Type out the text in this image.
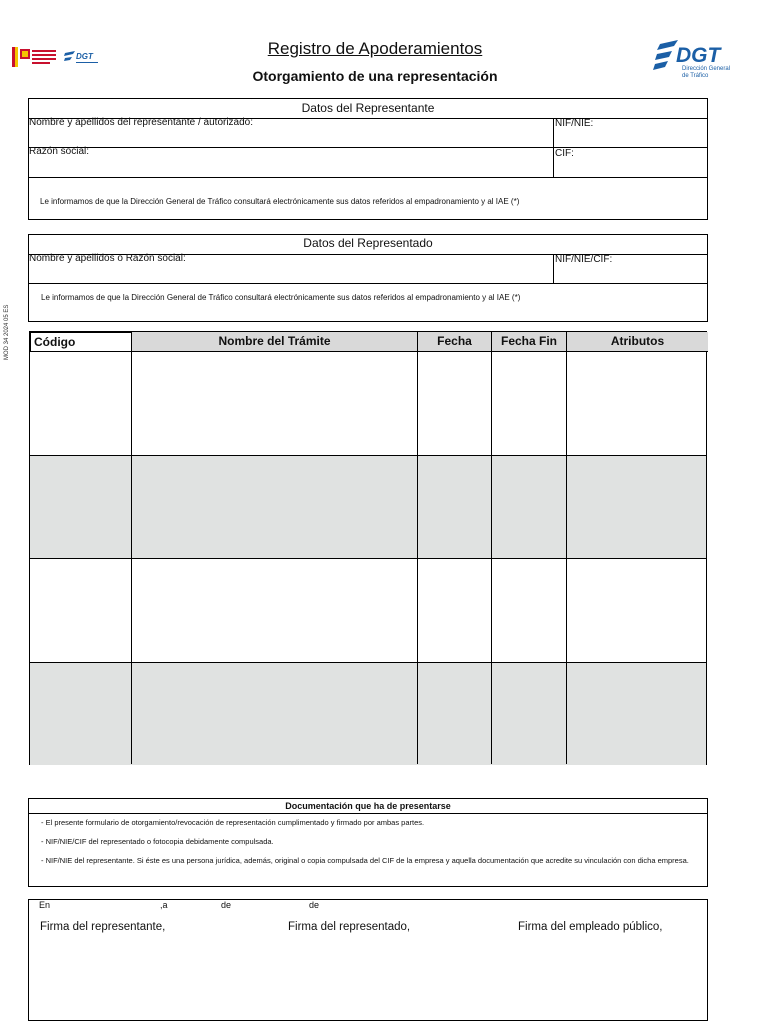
DGT	Registro de Apoderamientos
Otorgamiento de una representación
DGT
Dirección General
de Tráfico
MOD 34 2024 05 ES
Datos del Representante
Nombre y apellidos del representante / autorizado:	NIF/NIE:
Razón social:	CIF:
Le informamos de que la Dirección General de Tráfico consultará electrónicamente sus datos referidos al empadronamiento y al IAE (*)
Datos del Representado
Nombre y apellidos o Razón social:	NIF/NIE/CIF:
Le informamos de que la Dirección General de Tráfico consultará electrónicamente sus datos referidos al empadronamiento y al IAE (*)
Código	Nombre del Trámite	Fecha	Fecha Fin	Atributos
Documentación que ha de presentarse
- El presente formulario de otorgamiento/revocación de representación cumplimentado y firmado por ambas partes.
- NIF/NIE/CIF del representado o fotocopia debidamente compulsada.
- NIF/NIE del representante. Si éste es una persona jurídica, además, original o copia compulsada del CIF de la empresa y aquella documentación que acredite su vinculación con dicha empresa.
En	,a	de	de
Firma del representante,	Firma del representado,	Firma del empleado público,
